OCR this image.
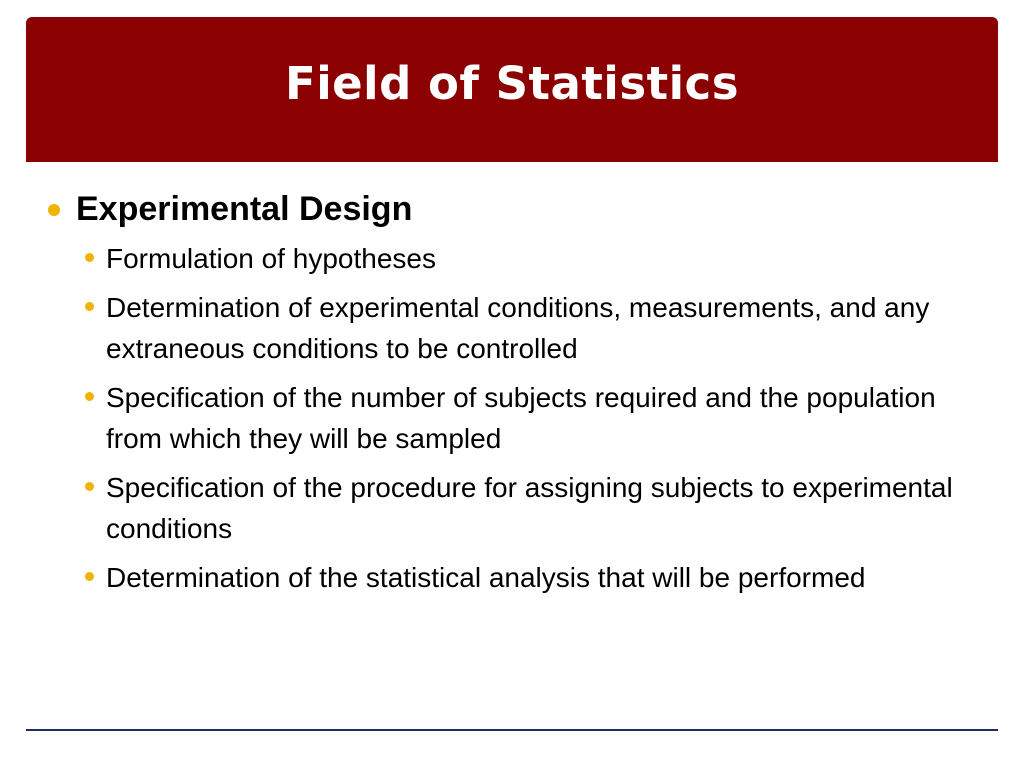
Field of Statistics
Experimental Design
Formulation of hypotheses
Determination of experimental conditions, measurements, and any extraneous conditions to be controlled
Specification of the number of subjects required and the population from which they will be sampled
Specification of the procedure for assigning subjects to experimental conditions
Determination of the statistical analysis that will be performed
